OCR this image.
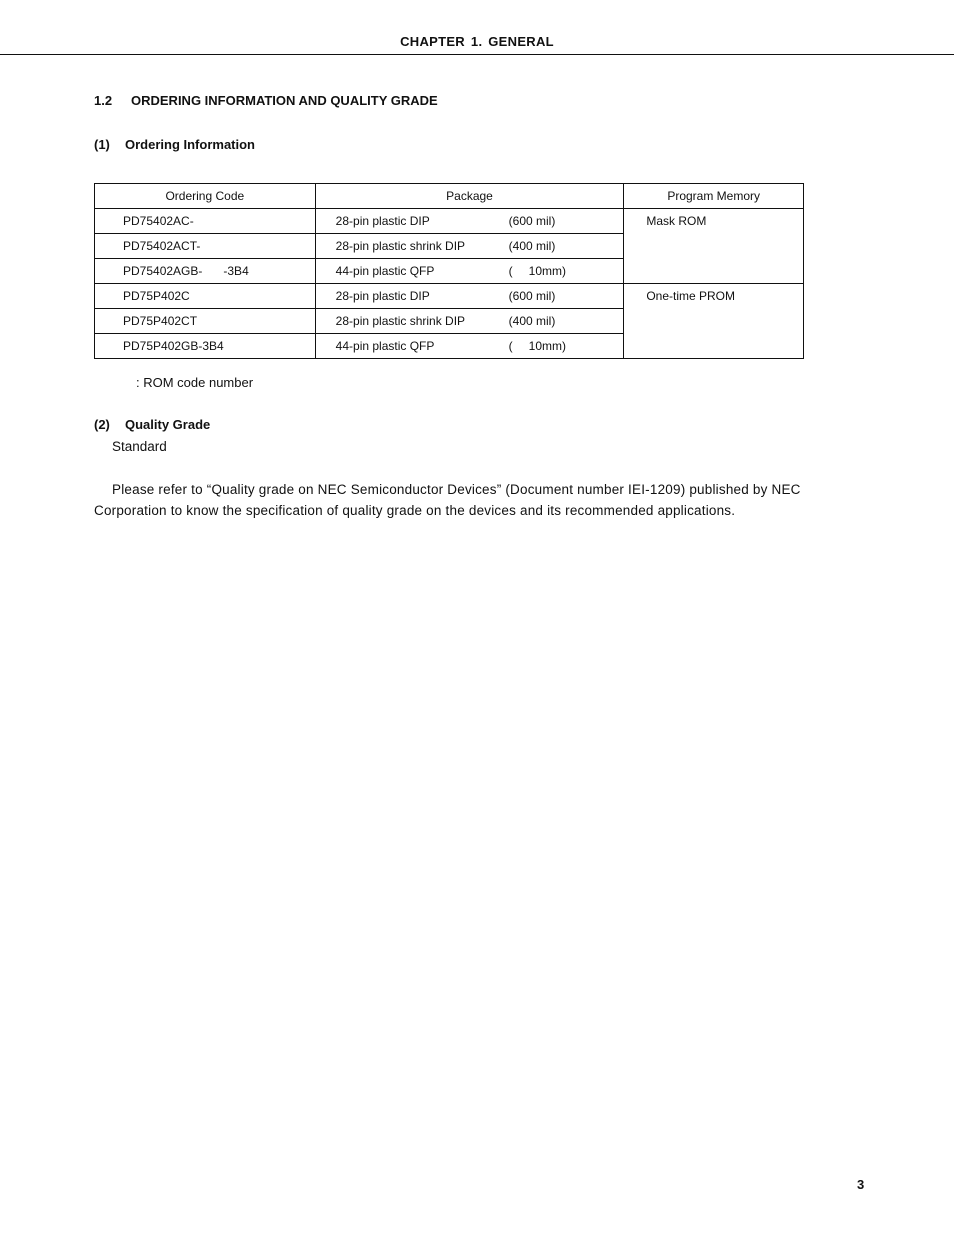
CHAPTER 1. GENERAL
1.2 ORDERING INFORMATION AND QUALITY GRADE
(1) Ordering Information
Ordering Code	Package	Program Memory
PD75402AC-	28-pin plastic DIP (600 mil)	Mask ROM
PD75402ACT-	28-pin plastic shrink DIP (400 mil)	
PD75402AGB- -3B4	44-pin plastic QFP ( 10mm)	
PD75P402C	28-pin plastic DIP (600 mil)	One-time PROM
PD75P402CT	28-pin plastic shrink DIP (400 mil)	
PD75P402GB-3B4	44-pin plastic QFP ( 10mm)	
: ROM code number
(2) Quality Grade
Standard
Please refer to “Quality grade on NEC Semiconductor Devices” (Document number IEI-1209) published by NEC Corporation to know the specification of quality grade on the devices and its recommended applications.
3
